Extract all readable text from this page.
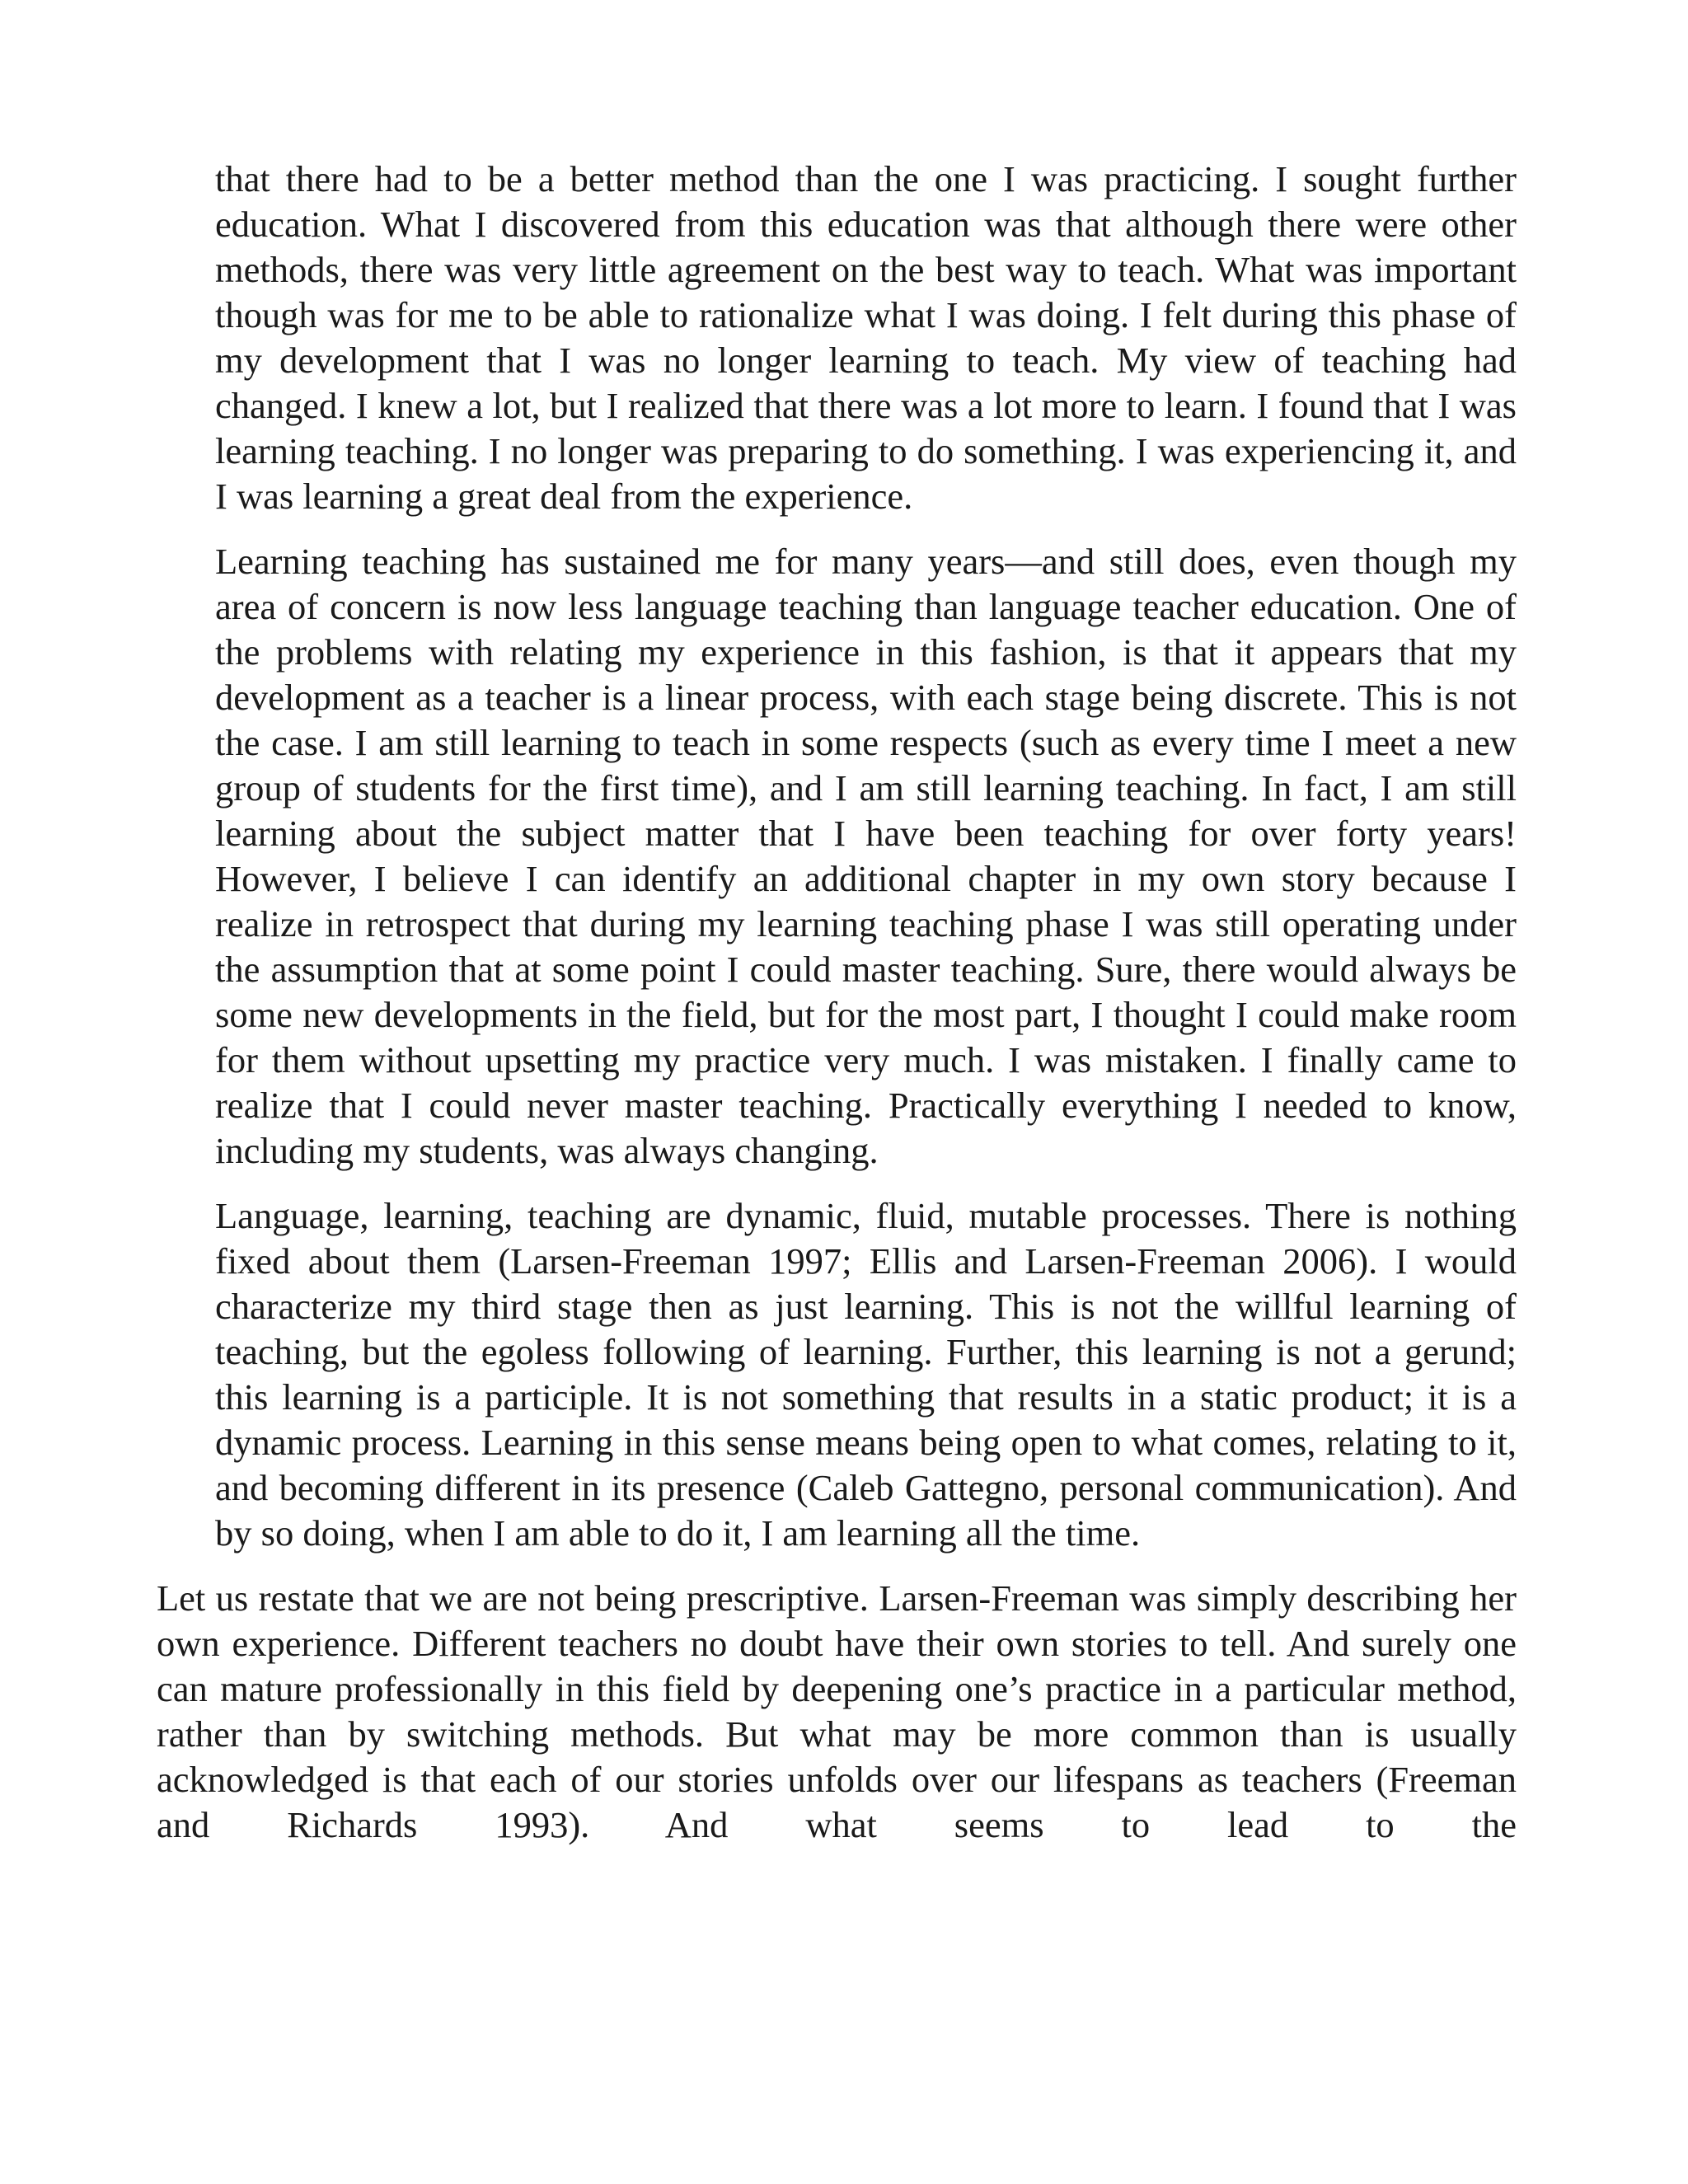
that there had to be a better method than the one I was practicing. I sought further education. What I discovered from this education was that although there were other methods, there was very little agreement on the best way to teach. What was important though was for me to be able to rationalize what I was doing. I felt during this phase of my development that I was no longer learning to teach. My view of teaching had changed. I knew a lot, but I realized that there was a lot more to learn. I found that I was learning teaching. I no longer was preparing to do something. I was experiencing it, and I was learning a great deal from the experience.

Learning teaching has sustained me for many years—and still does, even though my area of concern is now less language teaching than language teacher education. One of the problems with relating my experience in this fashion, is that it appears that my development as a teacher is a linear process, with each stage being discrete. This is not the case. I am still learning to teach in some respects (such as every time I meet a new group of students for the first time), and I am still learning teaching. In fact, I am still learning about the subject matter that I have been teaching for over forty years! However, I believe I can identify an additional chapter in my own story because I realize in retrospect that during my learning teaching phase I was still operating under the assumption that at some point I could master teaching. Sure, there would always be some new developments in the field, but for the most part, I thought I could make room for them without upsetting my practice very much. I was mistaken. I finally came to realize that I could never master teaching. Practically everything I needed to know, including my students, was always changing.

Language, learning, teaching are dynamic, fluid, mutable processes. There is nothing fixed about them (Larsen-Freeman 1997; Ellis and Larsen-Freeman 2006). I would characterize my third stage then as just learning. This is not the willful learning of teaching, but the egoless following of learning. Further, this learning is not a gerund; this learning is a participle. It is not something that results in a static product; it is a dynamic process. Learning in this sense means being open to what comes, relating to it, and becoming different in its presence (Caleb Gattegno, personal communication). And by so doing, when I am able to do it, I am learning all the time.

Let us restate that we are not being prescriptive. Larsen-Freeman was simply describing her own experience. Different teachers no doubt have their own stories to tell. And surely one can mature professionally in this field by deepening one’s practice in a particular method, rather than by switching methods. But what may be more common than is usually acknowledged is that each of our stories unfolds over our lifespans as teachers (Freeman and Richards 1993). And what seems to lead to the
